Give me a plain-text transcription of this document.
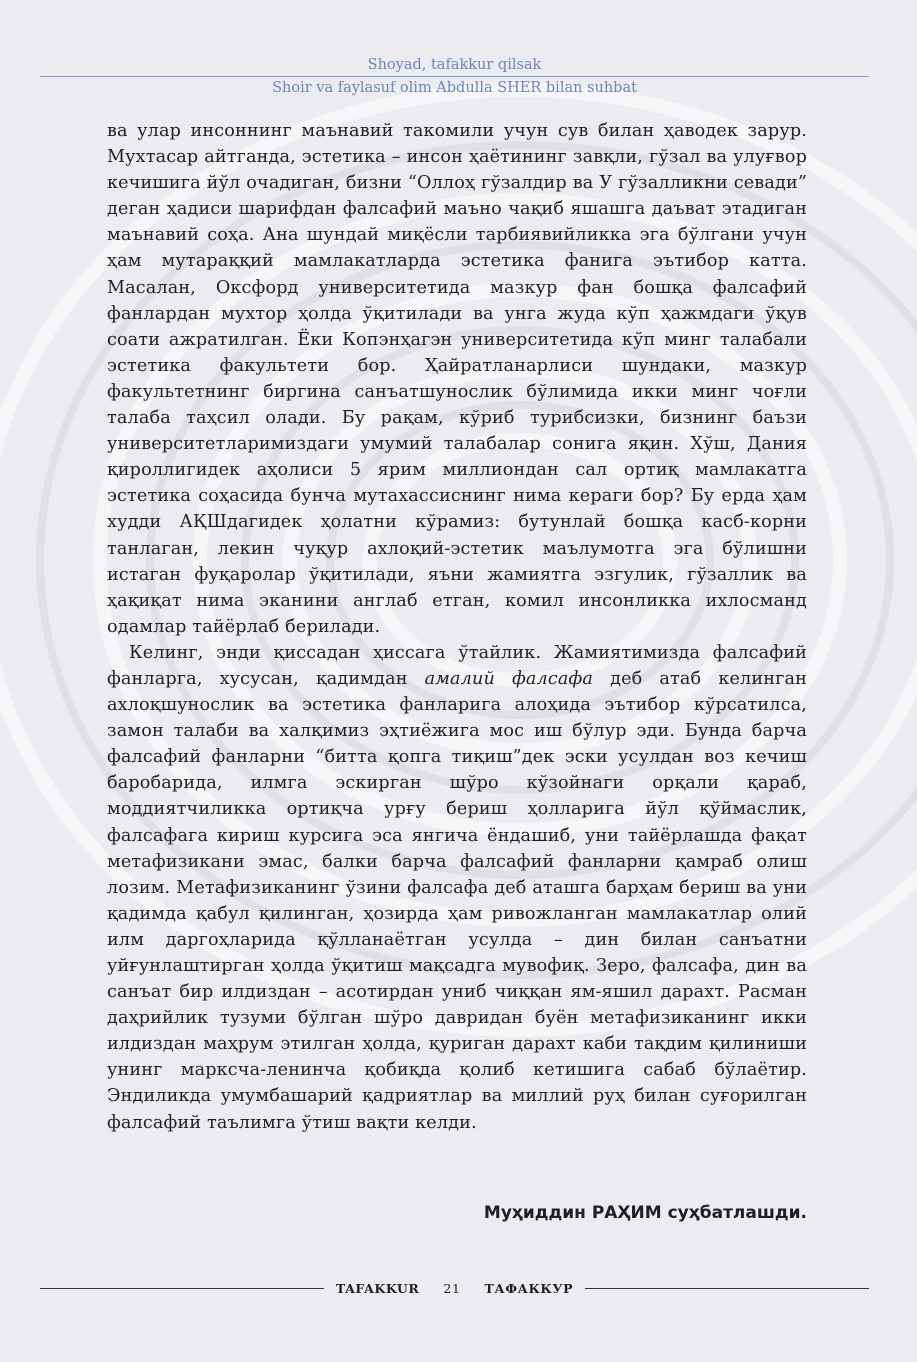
Shoyad, tafakkur qilsak
Shoir va faylasuf olim Abdulla SHER bilan suhbat

ва улар инсоннинг маънавий такомили учун сув билан ҳаводек зарур. Мухтасар айтганда, эстетика – инсон ҳаётининг завқли, гўзал ва улуғвор кечишига йўл очадиган, бизни “Оллоҳ гўзалдир ва У гўзалликни севади” деган ҳадиси шарифдан фалсафий маъно чақиб яшашга даъват этадиган маънавий соҳа. Ана шундай миқёсли тарбиявийликка эга бўлгани учун ҳам мутараққий мамлакатларда эстетика фанига эътибор катта. Масалан, Оксфорд университетида мазкур фан бошқа фалсафий фанлардан мухтор ҳолда ўқитилади ва унга жуда кўп ҳажмдаги ўқув соати ажратилган. Ёки Копэнҳагэн университетида кўп минг талабали эстетика факультети бор. Ҳайратланарлиси шундаки, мазкур факультетнинг биргина санъатшунослик бўлимида икки минг чоғли талаба таҳсил олади. Бу рақам, кўриб турибсизки, бизнинг баъзи университетларимиздаги умумий талабалар сонига яқин. Хўш, Дания қироллигидек аҳолиси 5 ярим миллиондан сал ортиқ мамлакатга эстетика соҳасида бунча мутахассиснинг нима кераги бор? Бу ерда ҳам худди АҚШдагидек ҳолатни кўрамиз: бутунлай бошқа касб-корни танлаган, лекин чуқур ахлоқий-эстетик маълумотга эга бўлишни истаган фуқаролар ўқитилади, яъни жамиятга эзгулик, гўзаллик ва ҳақиқат нима эканини англаб етган, комил инсонликка ихлосманд одамлар тайёрлаб берилади.

Келинг, энди қиссадан ҳиссага ўтайлик. Жамиятимизда фалсафий фанларга, хусусан, қадимдан амалий фалсафа деб атаб келинган ахлоқшунослик ва эстетика фанларига алоҳида эътибор кўрсатилса, замон талаби ва халқимиз эҳтиёжига мос иш бўлур эди. Бунда барча фалсафий фанларни “битта қопга тиқиш”дек эски усулдан воз кечиш баробарида, илмга эскирган шўро кўзойнаги орқали қараб, моддиятчиликка ортиқча урғу бериш ҳолларига йўл қўймаслик, фалсафага кириш курсига эса янгича ёндашиб, уни тайёрлашда фақат метафизикани эмас, балки барча фалсафий фанларни қамраб олиш лозим. Метафизиканинг ўзини фалсафа деб аташга барҳам бериш ва уни қадимда қабул қилинган, ҳозирда ҳам ривожланган мамлакатлар олий илм даргоҳларида қўлланаётган усулда – дин билан санъатни уйғунлаштирган ҳолда ўқитиш мақсадга мувофиқ. Зеро, фалсафа, дин ва санъат бир илдиздан – асотирдан униб чиққан ям-яшил дарахт. Расман даҳрийлик тузуми бўлган шўро давридан буён метафизиканинг икки илдиздан маҳрум этилган ҳолда, қуриган дарахт каби тақдим қилиниши унинг марксча-ленинча қобиқда қолиб кетишига сабаб бўлаётир. Эндиликда умумбашарий қадриятлар ва миллий руҳ билан суғорилган фалсафий таълимга ўтиш вақти келди.

Муҳиддин РАҲИМ суҳбатлашди.
TAFAKKUR	21	ТАФАККУР
